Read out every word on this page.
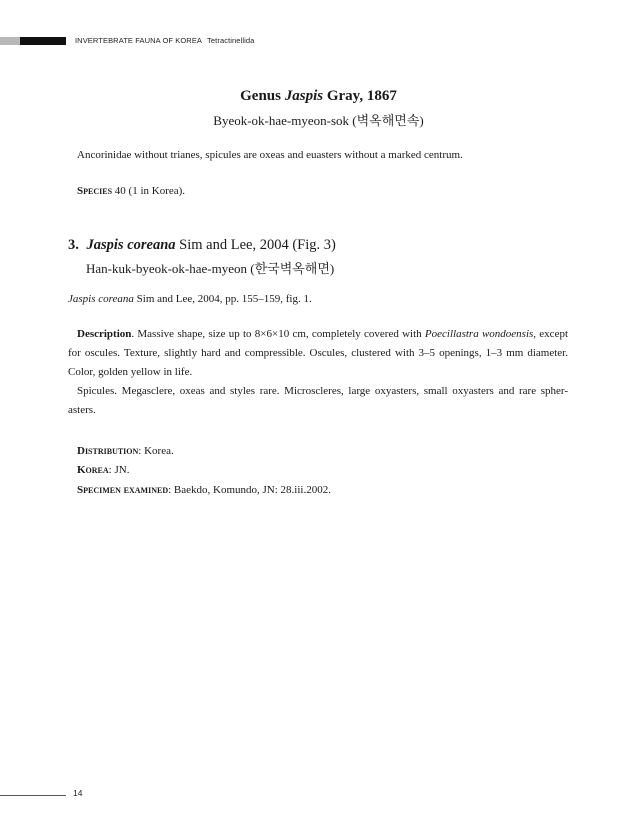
INVERTEBRATE FAUNA OF KOREA Tetractinellida
Genus Jaspis Gray, 1867
Byeok-ok-hae-myeon-sok (벽옥해면속)
Ancorinidae without trianes, spicules are oxeas and euasters without a marked centrum.
Species 40 (1 in Korea).
3. Jaspis coreana Sim and Lee, 2004 (Fig. 3)
Han-kuk-byeok-ok-hae-myeon (한국벽옥해면)
Jaspis coreana Sim and Lee, 2004, pp. 155–159, fig. 1.

Description. Massive shape, size up to 8×6×10 cm, completely covered with Poecillastra wondoensis, except for oscules. Texture, slightly hard and compressible. Oscules, clustered with 3–5 openings, 1–3 mm diameter. Color, golden yellow in life.

Spicules. Megasclere, oxeas and styles rare. Microscleres, large oxyasters, small oxyasters and rare spher-asters.

Distribution: Korea.
Korea: JN.
Specimen examined: Baekdo, Komundo, JN: 28.iii.2002.
14
